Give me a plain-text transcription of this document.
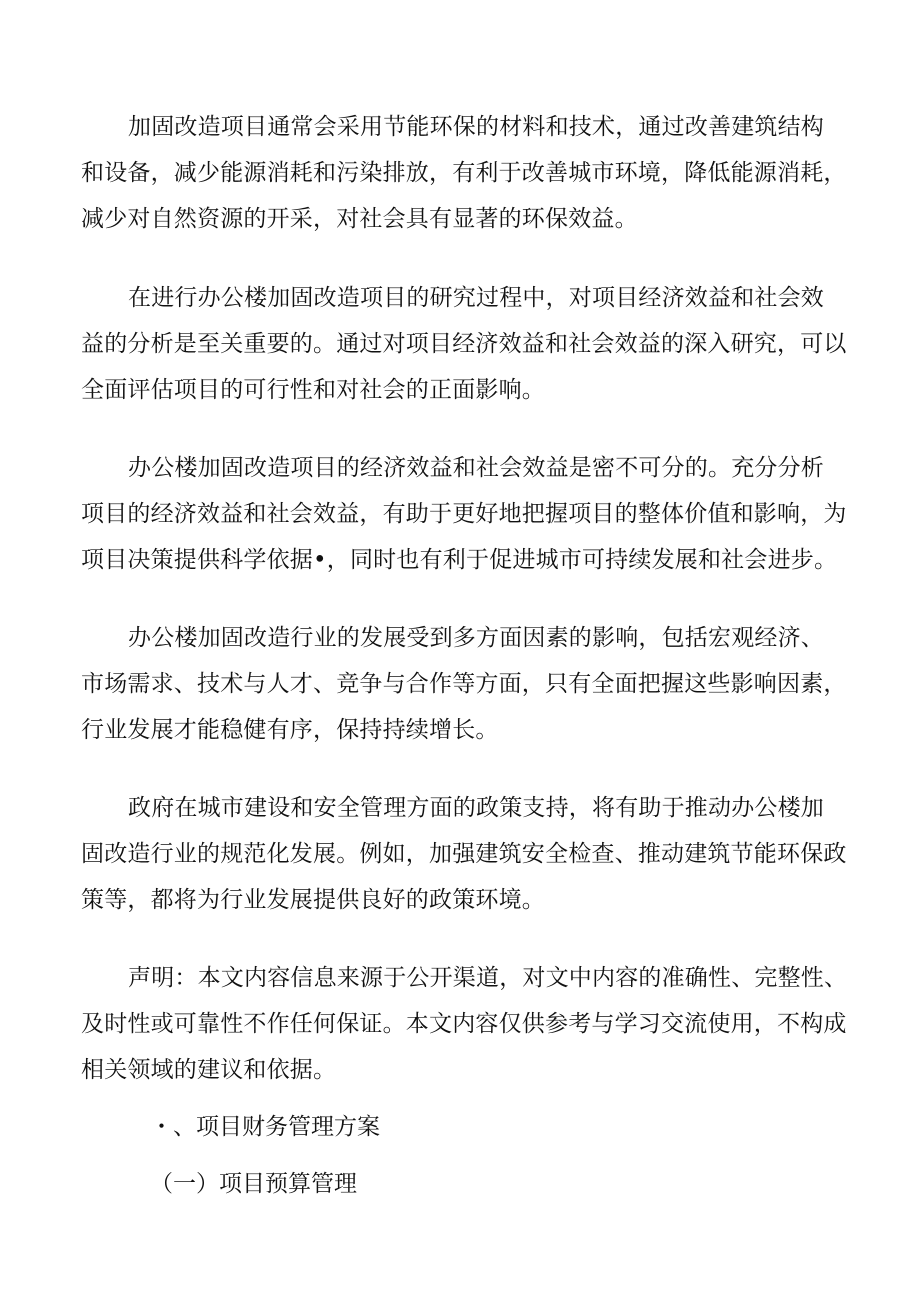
加固改造项目通常会采用节能环保的材料和技术，通过改善建筑结构
和设备，减少能源消耗和污染排放，有利于改善城市环境，降低能源消耗，
减少对自然资源的开采，对社会具有显著的环保效益。

在进行办公楼加固改造项目的研究过程中，对项目经济效益和社会效
益的分析是至关重要的。通过对项目经济效益和社会效益的深入研究，可以
全面评估项目的可行性和对社会的正面影响。

办公楼加固改造项目的经济效益和社会效益是密不可分的。充分分析
项目的经济效益和社会效益，有助于更好地把握项目的整体价值和影响，为
项目决策提供科学依据•，同时也有利于促进城市可持续发展和社会进步。

办公楼加固改造行业的发展受到多方面因素的影响，包括宏观经济、
市场需求、技术与人才、竞争与合作等方面，只有全面把握这些影响因素，
行业发展才能稳健有序，保持持续增长。

政府在城市建设和安全管理方面的政策支持，将有助于推动办公楼加
固改造行业的规范化发展。例如，加强建筑安全检查、推动建筑节能环保政
策等，都将为行业发展提供良好的政策环境。

声明：本文内容信息来源于公开渠道，对文中内容的准确性、完整性、
及时性或可靠性不作任何保证。本文内容仅供参考与学习交流使用，不构成
相关领域的建议和依据。

・、项目财务管理方案
（一）项目预算管理
